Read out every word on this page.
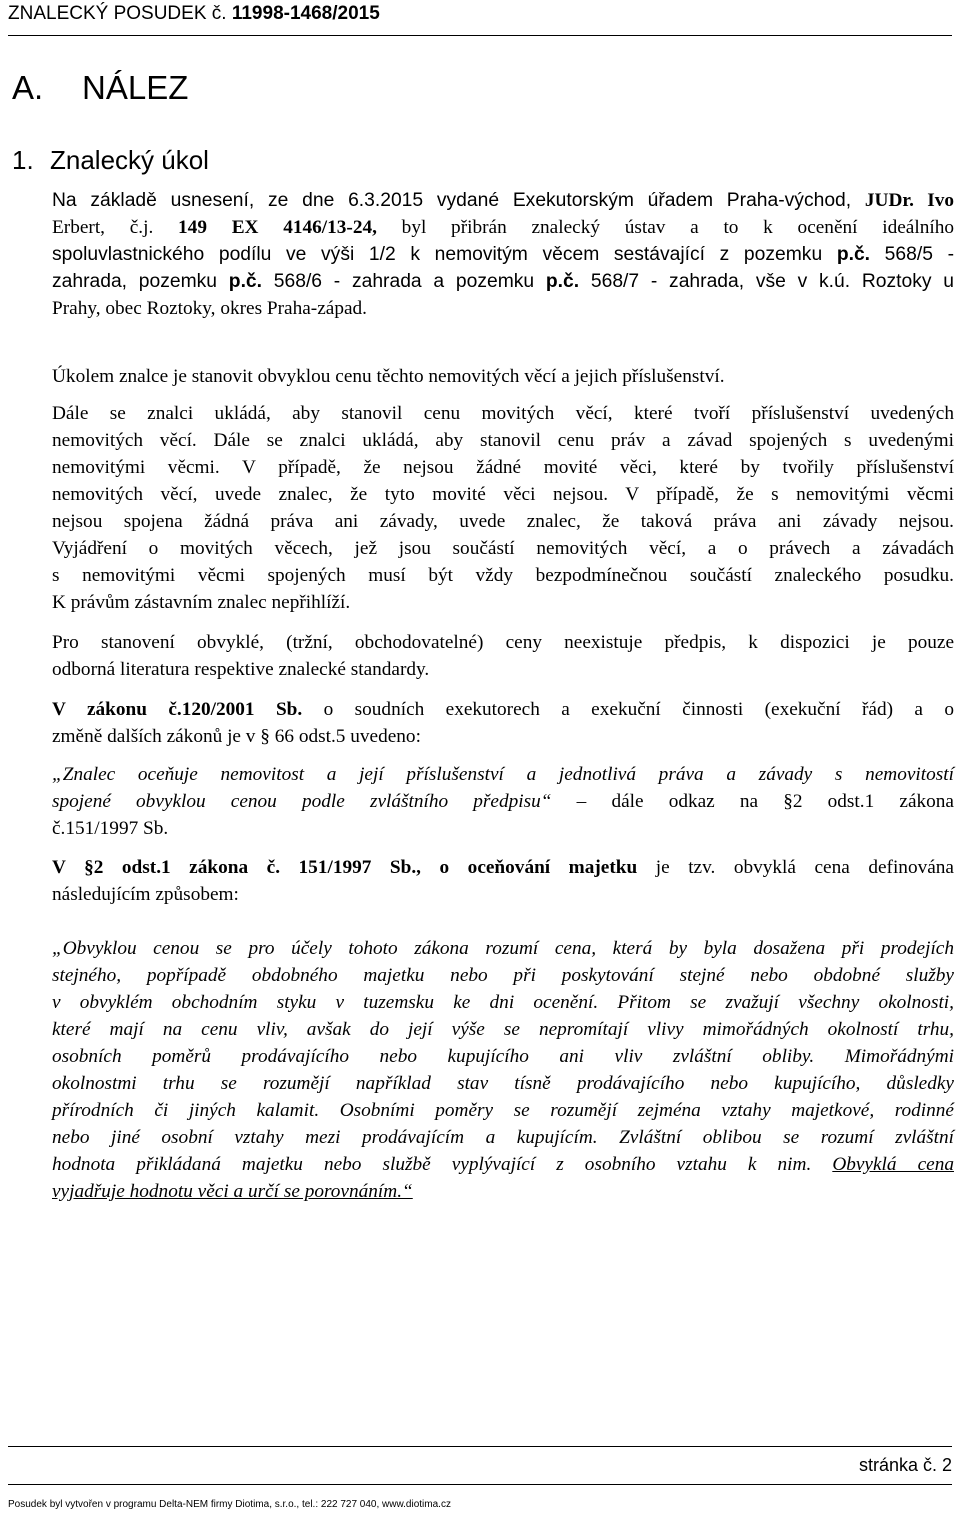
ZNALECKÝ POSUDEK č. 11998-1468/2015
A. NÁLEZ
1. Znalecký úkol
Na základě usnesení, ze dne 6.3.2015 vydané Exekutorským úřadem Praha-východ, JUDr. Ivo
Erbert, č.j. 149 EX 4146/13-24, byl přibrán znalecký ústav a to k ocenění ideálního
spoluvlastnického podílu ve výši 1/2 k nemovitým věcem sestávající z pozemku p.č. 568/5 -
zahrada, pozemku p.č. 568/6 - zahrada a pozemku p.č. 568/7 - zahrada, vše v k.ú. Roztoky u
Prahy, obec Roztoky, okres Praha-západ.
Úkolem znalce je stanovit obvyklou cenu těchto nemovitých věcí a jejich příslušenství.
Dále se znalci ukládá, aby stanovil cenu movitých věcí, které tvoří příslušenství uvedených
nemovitých věcí. Dále se znalci ukládá, aby stanovil cenu práv a závad spojených s uvedenými
nemovitými věcmi. V případě, že nejsou žádné movité věci, které by tvořily příslušenství
nemovitých věcí, uvede znalec, že tyto movité věci nejsou. V případě, že s nemovitými věcmi
nejsou spojena žádná práva ani závady, uvede znalec, že taková práva ani závady nejsou.
Vyjádření o movitých věcech, jež jsou součástí nemovitých věcí, a o právech a závadách
s nemovitými věcmi spojených musí být vždy bezpodmínečnou součástí znaleckého posudku.
K právům zástavním znalec nepřihlíží.
Pro stanovení obvyklé, (tržní, obchodovatelné) ceny neexistuje předpis, k dispozici je pouze
odborná literatura respektive znalecké standardy.
V zákonu č.120/2001 Sb. o soudních exekutorech a exekuční činnosti (exekuční řád) a o
změně dalších zákonů je v § 66 odst.5 uvedeno:
„Znalec oceňuje nemovitost a její příslušenství a jednotlivá práva a závady s nemovitostí
spojené obvyklou cenou podle zvláštního předpisu“ – dále odkaz na §2 odst.1 zákona
č.151/1997 Sb.
V §2 odst.1 zákona č. 151/1997 Sb., o oceňování majetku je tzv. obvyklá cena definována
následujícím způsobem:
„Obvyklou cenou se pro účely tohoto zákona rozumí cena, která by byla dosažena při prodejích
stejného, popřípadě obdobného majetku nebo při poskytování stejné nebo obdobné služby
v obvyklém obchodním styku v tuzemsku ke dni ocenění. Přitom se zvažují všechny okolnosti,
které mají na cenu vliv, avšak do její výše se nepromítají vlivy mimořádných okolností trhu,
osobních poměrů prodávajícího nebo kupujícího ani vliv zvláštní obliby. Mimořádnými
okolnostmi trhu se rozumějí například stav tísně prodávajícího nebo kupujícího, důsledky
přírodních či jiných kalamit. Osobními poměry se rozumějí zejména vztahy majetkové, rodinné
nebo jiné osobní vztahy mezi prodávajícím a kupujícím. Zvláštní oblibou se rozumí zvláštní
hodnota přikládaná majetku nebo službě vyplývající z osobního vztahu k nim. Obvyklá cena
vyjadřuje hodnotu věci a určí se porovnáním.“
stránka č. 2
Posudek byl vytvořen v programu Delta-NEM firmy Diotima, s.r.o., tel.: 222 727 040, www.diotima.cz
